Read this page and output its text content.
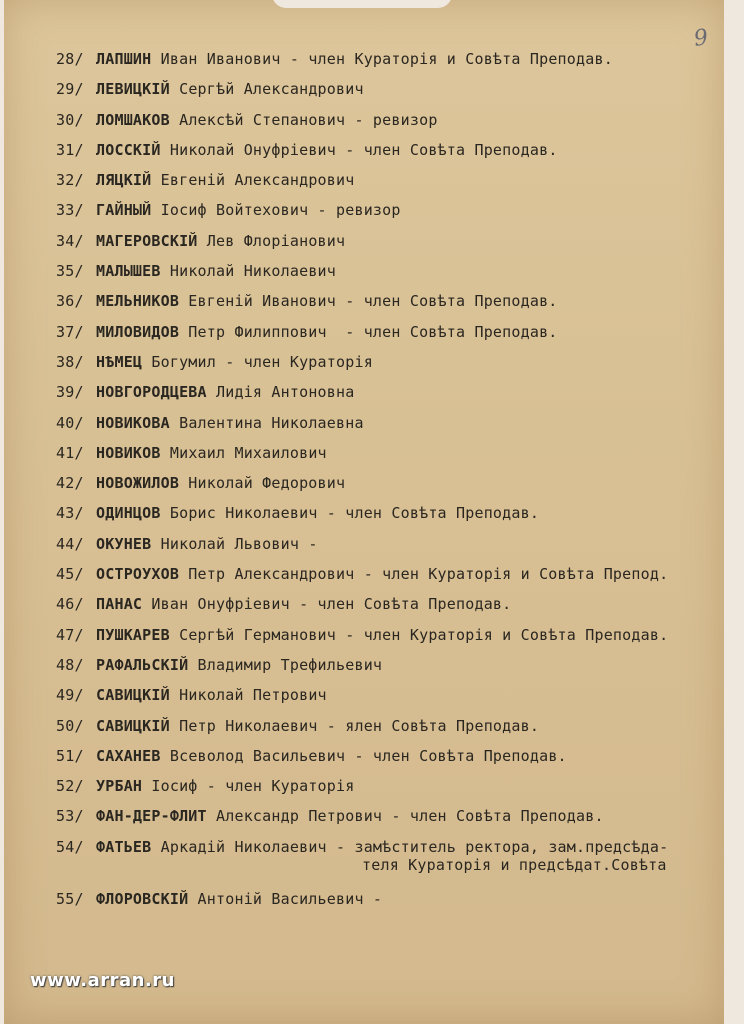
9
28/ ЛАПШИН Иван Иванович - член Кураторiя и Совѣта Преподав.
29/ ЛЕВИЦКIЙ Сергѣй Александрович
30/ ЛОМШАКОВ Алексѣй Степанович - ревизор
31/ ЛОССКIЙ Николай Онуфрiевич - член Совѣта Преподав.
32/ ЛЯЦКIЙ Евгенiй Александрович
33/ ГАЙНЫЙ Iосиф Войтехович - ревизор
34/ МАГЕРОВСКIЙ Лев Флорiанович
35/ МАЛЫШЕВ Николай Николаевич
36/ МЕЛЬНИКОВ Евгенiй Иванович - член Совѣта Преподав.
37/ МИЛОВИДОВ Петр Филиппович  - член Совѣта Преподав.
38/ НѢМЕЦ Богумил - член Кураторiя
39/ НОВГОРОДЦЕВА Лидiя Антоновна
40/ НОВИКОВА Валентина Николаевна
41/ НОВИКОВ Михаил Михаилович
42/ НОВОЖИЛОВ Николай Федорович
43/ ОДИНЦОВ Борис Николаевич - член Совѣта Преподав.
44/ ОКУНЕВ Николай Львович -
45/ ОСТРОУХОВ Петр Александрович - член Кураторiя и Совѣта Препод.
46/ ПАНАС Иван Онуфрiевич - член Совѣта Преподав.
47/ ПУШКАРЕВ Сергѣй Германович - член Кураторiя и Совѣта Преподав.
48/ РАФАЛЬСКIЙ Владимир Трефильевич
49/ САВИЦКIЙ Николай Петрович
50/ САВИЦКIЙ Петр Николаевич - ялен Совѣта Преподав.
51/ САХАНЕВ Всеволод Васильевич - член Совѣта Преподав.
52/ УРБАН Iосиф - член Кураторiя
53/ ФАН-ДЕР-ФЛИТ Александр Петрович - член Совѣта Преподав.
54/ ФАТЬЕВ Аркадiй Николаевич - замѣститель ректора, зам.предсѣда-
теля Кураторiя и предсѣдат.Совѣта
55/ ФЛОРОВСКIЙ Антонiй Васильевич -
www.arran.ru
